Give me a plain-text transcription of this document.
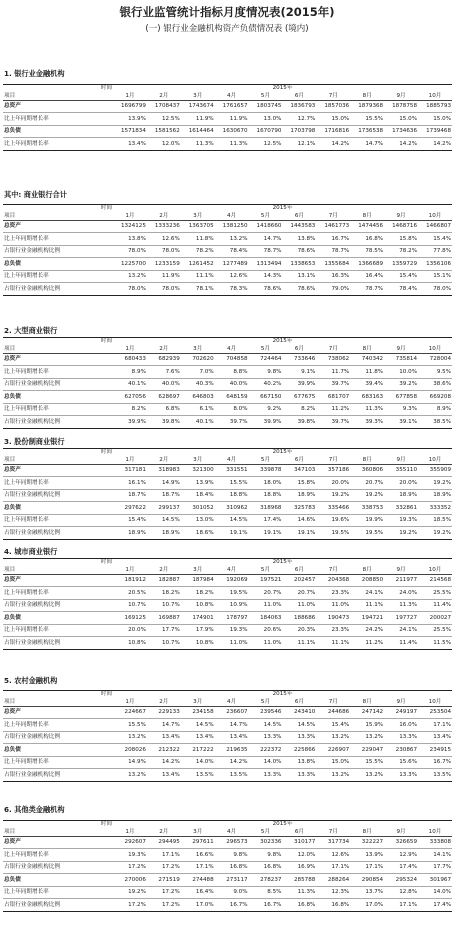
银行业监管统计指标月度情况表(2015年)
(一) 银行业金融机构资产负债情况表 (境内)
1. 银行业金融机构
时间	2015年									
项目	1月	2月	3月	4月	5月	6月	7月	8月	9月	10月
总资产	1696799	1708437	1743674	1761657	1803745	1836793	1857036	1879368	1878758	1885793
比上年同期增长率	13.9%	12.5%	11.9%	11.9%	13.0%	12.7%	15.0%	15.5%	15.0%	15.0%
总负债	1571834	1581562	1614464	1630670	1670790	1703798	1716816	1736538	1734636	1739468
比上年同期增长率	13.4%	12.0%	11.3%	11.3%	12.5%	12.1%	14.2%	14.7%	14.2%	14.2%
其中: 商业银行合计
时间	2015年									
项目	1月	2月	3月	4月	5月	6月	7月	8月	9月	10月
总资产	1324125	1333236	1363705	1381250	1418660	1443583	1461773	1474456	1468716	1466807
比上年同期增长率	13.8%	12.6%	11.8%	13.2%	14.7%	13.8%	16.7%	16.8%	15.8%	15.4%
占银行业金融机构比例	78.0%	78.0%	78.2%	78.4%	78.7%	78.6%	78.7%	78.5%	78.2%	77.8%
总负债	1225700	1233159	1261452	1277489	1313494	1338653	1355684	1366689	1359729	1356106
比上年同期增长率	13.2%	11.9%	11.1%	12.6%	14.3%	13.1%	16.3%	16.4%	15.4%	15.1%
占银行业金融机构比例	78.0%	78.0%	78.1%	78.3%	78.6%	78.6%	79.0%	78.7%	78.4%	78.0%
2. 大型商业银行
时间	2015年									
项目	1月	2月	3月	4月	5月	6月	7月	8月	9月	10月
总资产	680433	682939	702620	704858	724464	733646	738062	740342	735814	728004
比上年同期增长率	8.9%	7.6%	7.0%	8.8%	9.8%	9.1%	11.7%	11.8%	10.0%	9.5%
占银行业金融机构比例	40.1%	40.0%	40.3%	40.0%	40.2%	39.9%	39.7%	39.4%	39.2%	38.6%
总负债	627056	628697	646803	648159	667150	677675	681707	683163	677858	669208
比上年同期增长率	8.2%	6.8%	6.1%	8.0%	9.2%	8.2%	11.2%	11.3%	9.3%	8.9%
占银行业金融机构比例	39.9%	39.8%	40.1%	39.7%	39.9%	39.8%	39.7%	39.3%	39.1%	38.5%
3. 股份制商业银行
时间	2015年									
项目	1月	2月	3月	4月	5月	6月	7月	8月	9月	10月
总资产	317181	318983	321300	331551	339878	347103	357186	360806	355110	355909
比上年同期增长率	16.1%	14.9%	13.9%	15.5%	18.0%	15.8%	20.0%	20.7%	20.0%	19.2%
占银行业金融机构比例	18.7%	18.7%	18.4%	18.8%	18.8%	18.9%	19.2%	19.2%	18.9%	18.9%
总负债	297622	299137	301052	310962	318968	325783	335466	338753	332861	333352
比上年同期增长率	15.4%	14.5%	13.0%	14.5%	17.4%	14.6%	19.6%	19.9%	19.3%	18.5%
占银行业金融机构比例	18.9%	18.9%	18.6%	19.1%	19.1%	19.1%	19.5%	19.5%	19.2%	19.2%
4. 城市商业银行
时间	2015年									
项目	1月	2月	3月	4月	5月	6月	7月	8月	9月	10月
总资产	181912	182887	187984	192069	197521	202457	204368	208850	211977	214568
比上年同期增长率	20.5%	18.2%	18.2%	19.5%	20.7%	20.7%	23.3%	24.1%	24.0%	25.5%
占银行业金融机构比例	10.7%	10.7%	10.8%	10.9%	11.0%	11.0%	11.0%	11.1%	11.3%	11.4%
总负债	169125	169887	174901	178797	184063	188686	190473	194721	197727	200027
比上年同期增长率	20.0%	17.7%	17.9%	19.3%	20.6%	20.3%	23.3%	24.2%	24.1%	25.5%
占银行业金融机构比例	10.8%	10.7%	10.8%	11.0%	11.0%	11.1%	11.1%	11.2%	11.4%	11.5%
5. 农村金融机构
时间	2015年									
项目	1月	2月	3月	4月	5月	6月	7月	8月	9月	10月
总资产	224667	229133	234158	236607	239546	243410	244686	247142	249197	253504
比上年同期增长率	15.5%	14.7%	14.5%	14.7%	14.5%	14.5%	15.4%	15.9%	16.0%	17.1%
占银行业金融机构比例	13.2%	13.4%	13.4%	13.4%	13.3%	13.3%	13.2%	13.2%	13.3%	13.4%
总负债	208026	212322	217222	219635	222372	225866	226907	229047	230867	234915
比上年同期增长率	14.9%	14.2%	14.0%	14.2%	14.0%	13.8%	15.0%	15.5%	15.6%	16.7%
占银行业金融机构比例	13.2%	13.4%	13.5%	13.5%	13.3%	13.3%	13.2%	13.2%	13.3%	13.5%
6. 其他类金融机构
时间	2015年									
项目	1月	2月	3月	4月	5月	6月	7月	8月	9月	10月
总资产	292607	294495	297611	296573	302336	310177	317734	322227	326659	333808
比上年同期增长率	19.3%	17.1%	16.6%	9.8%	9.8%	12.0%	12.6%	13.9%	12.9%	14.1%
占银行业金融机构比例	17.2%	17.2%	17.1%	16.8%	16.8%	16.9%	17.1%	17.1%	17.4%	17.7%
总负债	270006	271519	274488	273117	278237	285788	288264	290854	295324	301967
比上年同期增长率	19.2%	17.2%	16.4%	9.0%	8.5%	11.3%	12.3%	13.7%	12.8%	14.0%
占银行业金融机构比例	17.2%	17.2%	17.0%	16.7%	16.7%	16.8%	16.8%	17.0%	17.1%	17.4%
